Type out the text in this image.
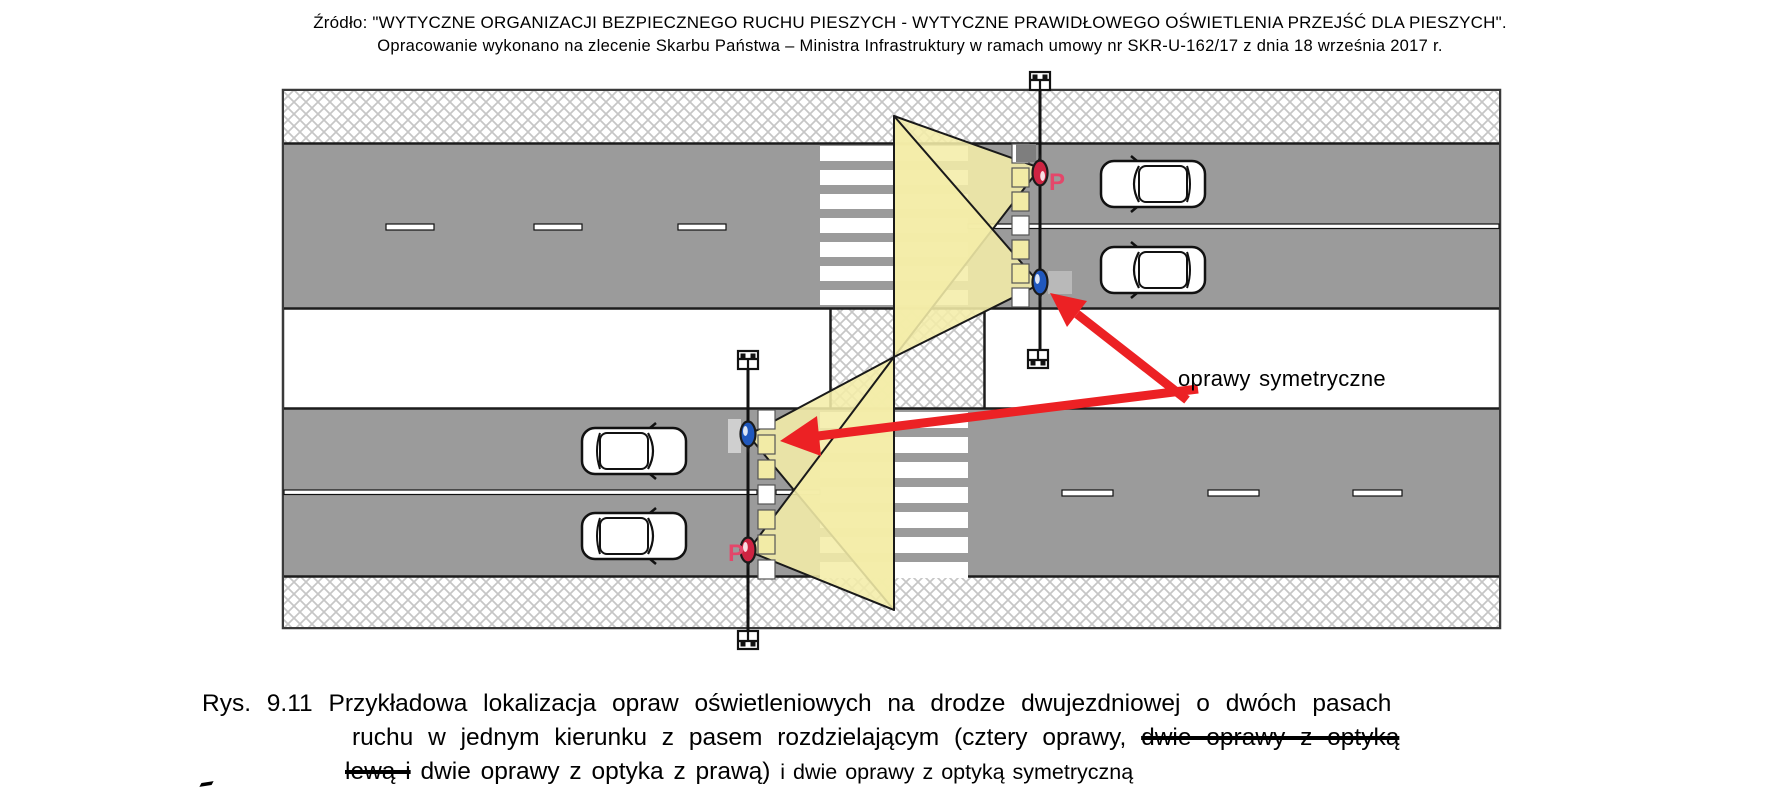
Źródło: "WYTYCZNE ORGANIZACJI BEZPIECZNEGO RUCHU PIESZYCH - WYTYCZNE PRAWIDŁOWEGO OŚWIETLENIA PRZEJŚĆ DLA PIESZYCH".
Opracowanie wykonano na zlecenie Skarbu Państwa – Ministra Infrastruktury w ramach umowy nr SKR-U-162/17 z dnia 18 września 2017 r.
P
P
oprawy symetryczne
Rys. 9.11 Przykładowa lokalizacja opraw oświetleniowych na drodze dwujezdniowej o dwóch pasach
ruchu w jednym kierunku z pasem rozdzielającym (cztery oprawy, dwie oprawy z optyką
lewą i dwie oprawy z optyka z prawą) i dwie oprawy z optyką symetryczną
